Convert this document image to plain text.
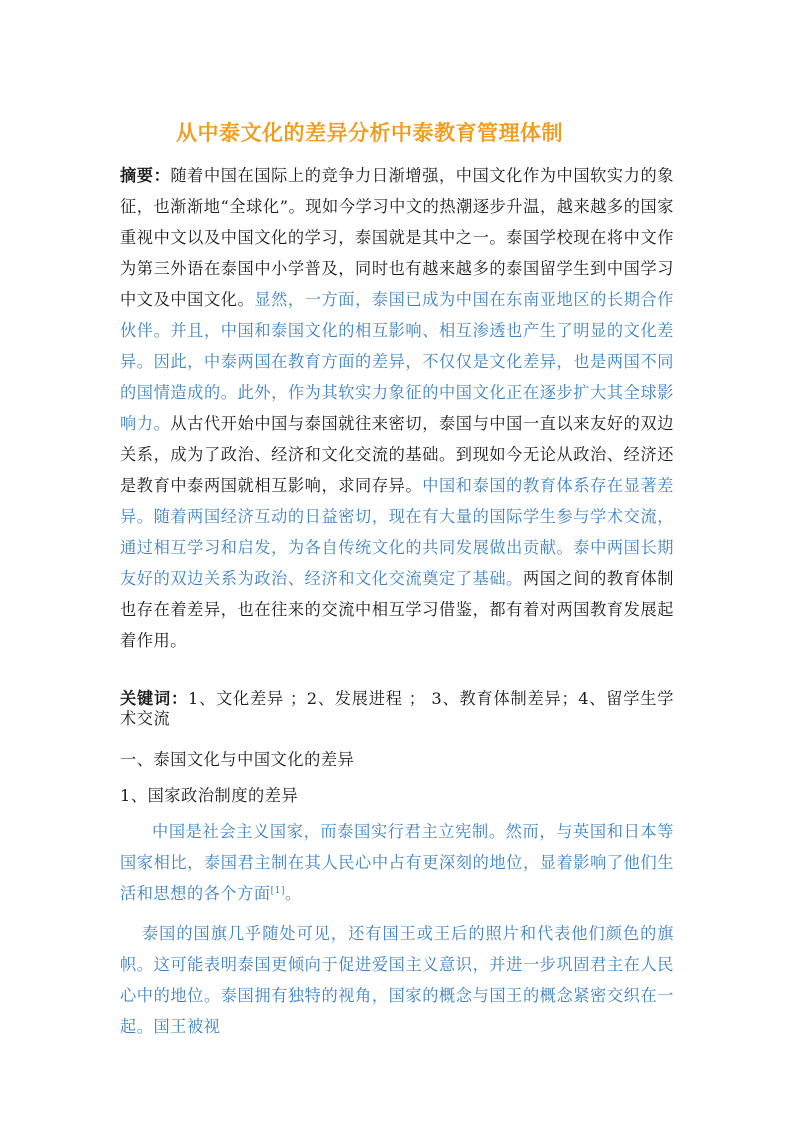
从中泰文化的差异分析中泰教育管理体制
摘要：随着中国在国际上的竞争力日渐增强，中国文化作为中国软实力的象征，也渐渐地“全球化”。现如今学习中文的热潮逐步升温，越来越多的国家重视中文以及中国文化的学习，泰国就是其中之一。泰国学校现在将中文作为第三外语在泰国中小学普及，同时也有越来越多的泰国留学生到中国学习中文及中国文化。显然，一方面，泰国已成为中国在东南亚地区的长期合作伙伴。并且，中国和泰国文化的相互影响、相互渗透也产生了明显的文化差异。因此，中泰两国在教育方面的差异，不仅仅是文化差异，也是两国不同的国情造成的。此外，作为其软实力象征的中国文化正在逐步扩大其全球影响力。从古代开始中国与泰国就往来密切，泰国与中国一直以来友好的双边关系，成为了政治、经济和文化交流的基础。到现如今无论从政治、经济还是教育中泰两国就相互影响，求同存异。中国和泰国的教育体系存在显著差异。随着两国经济互动的日益密切，现在有大量的国际学生参与学术交流，通过相互学习和启发，为各自传统文化的共同发展做出贡献。泰中两国长期友好的双边关系为政治、经济和文化交流奠定了基础。两国之间的教育体制也存在着差异，也在往来的交流中相互学习借鉴，都有着对两国教育发展起着作用。
关键词：1、文化差异 ；2、发展进程 ； 3、教育体制差异；4、留学生学术交流
一、泰国文化与中国文化的差异
1、国家政治制度的差异
中国是社会主义国家，而泰国实行君主立宪制。然而，与英国和日本等国家相比，泰国君主制在其人民心中占有更深刻的地位，显着影响了他们生活和思想的各个方面[1]。
泰国的国旗几乎随处可见，还有国王或王后的照片和代表他们颜色的旗帜。这可能表明泰国更倾向于促进爱国主义意识，并进一步巩固君主在人民心中的地位。泰国拥有独特的视角，国家的概念与国王的概念紧密交织在一起。国王被视
